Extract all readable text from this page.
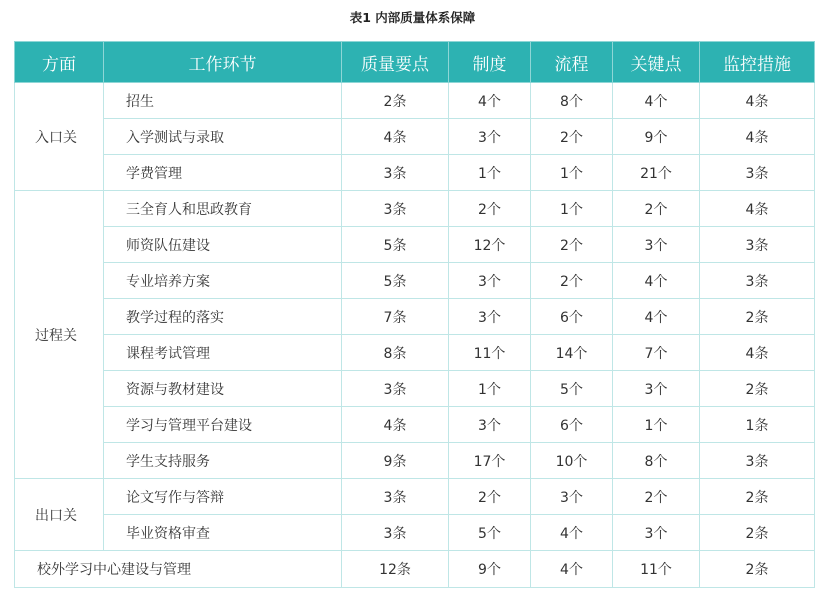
表1 内部质量体系保障
方面	工作环节	质量要点	制度	流程	关键点	监控措施
入口关	招生	2条	4个	8个	4个	4条
	入学测试与录取	4条	3个	2个	9个	4条
	学费管理	3条	1个	1个	21个	3条
过程关	三全育人和思政教育	3条	2个	1个	2个	4条
	师资队伍建设	5条	12个	2个	3个	3条
	专业培养方案	5条	3个	2个	4个	3条
	教学过程的落实	7条	3个	6个	4个	2条
	课程考试管理	8条	11个	14个	7个	4条
	资源与教材建设	3条	1个	5个	3个	2条
	学习与管理平台建设	4条	3个	6个	1个	1条
	学生支持服务	9条	17个	10个	8个	3条
出口关	论文写作与答辩	3条	2个	3个	2个	2条
	毕业资格审查	3条	5个	4个	3个	2条
校外学习中心建设与管理		12条	9个	4个	11个	2条
